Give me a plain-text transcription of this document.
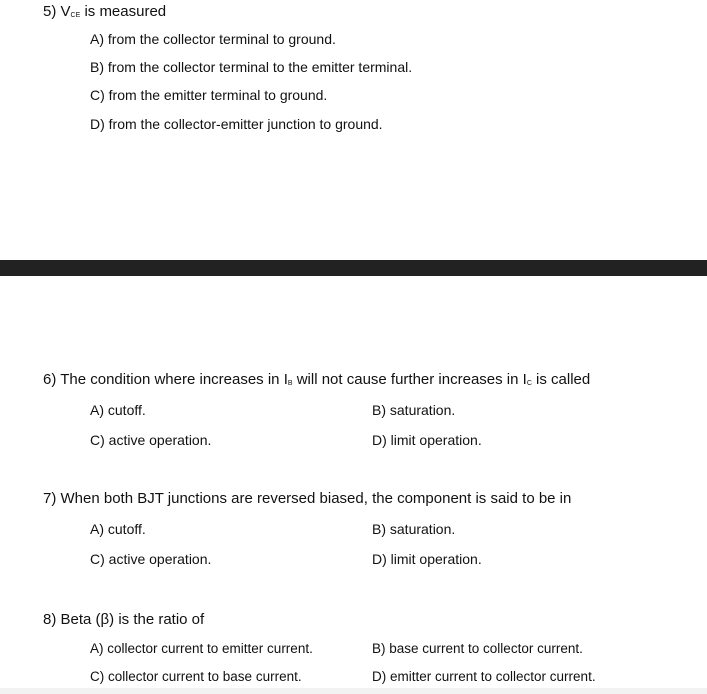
5) $V_{CE}$ is measured
A) from the collector terminal to ground.
B) from the collector terminal to the emitter terminal.
C) from the emitter terminal to ground.
D) from the collector-emitter junction to ground.
6) The condition where increases in $I_B$ will not cause further increases in $I_C$ is called
A) cutoff.	B) saturation.
C) active operation.	D) limit operation.
7) When both BJT junctions are reversed biased, the component is said to be in
A) cutoff.	B) saturation.
C) active operation.	D) limit operation.
8) Beta (β) is the ratio of
A) collector current to emitter current.	B) base current to collector current.
C) collector current to base current.	D) emitter current to collector current.
